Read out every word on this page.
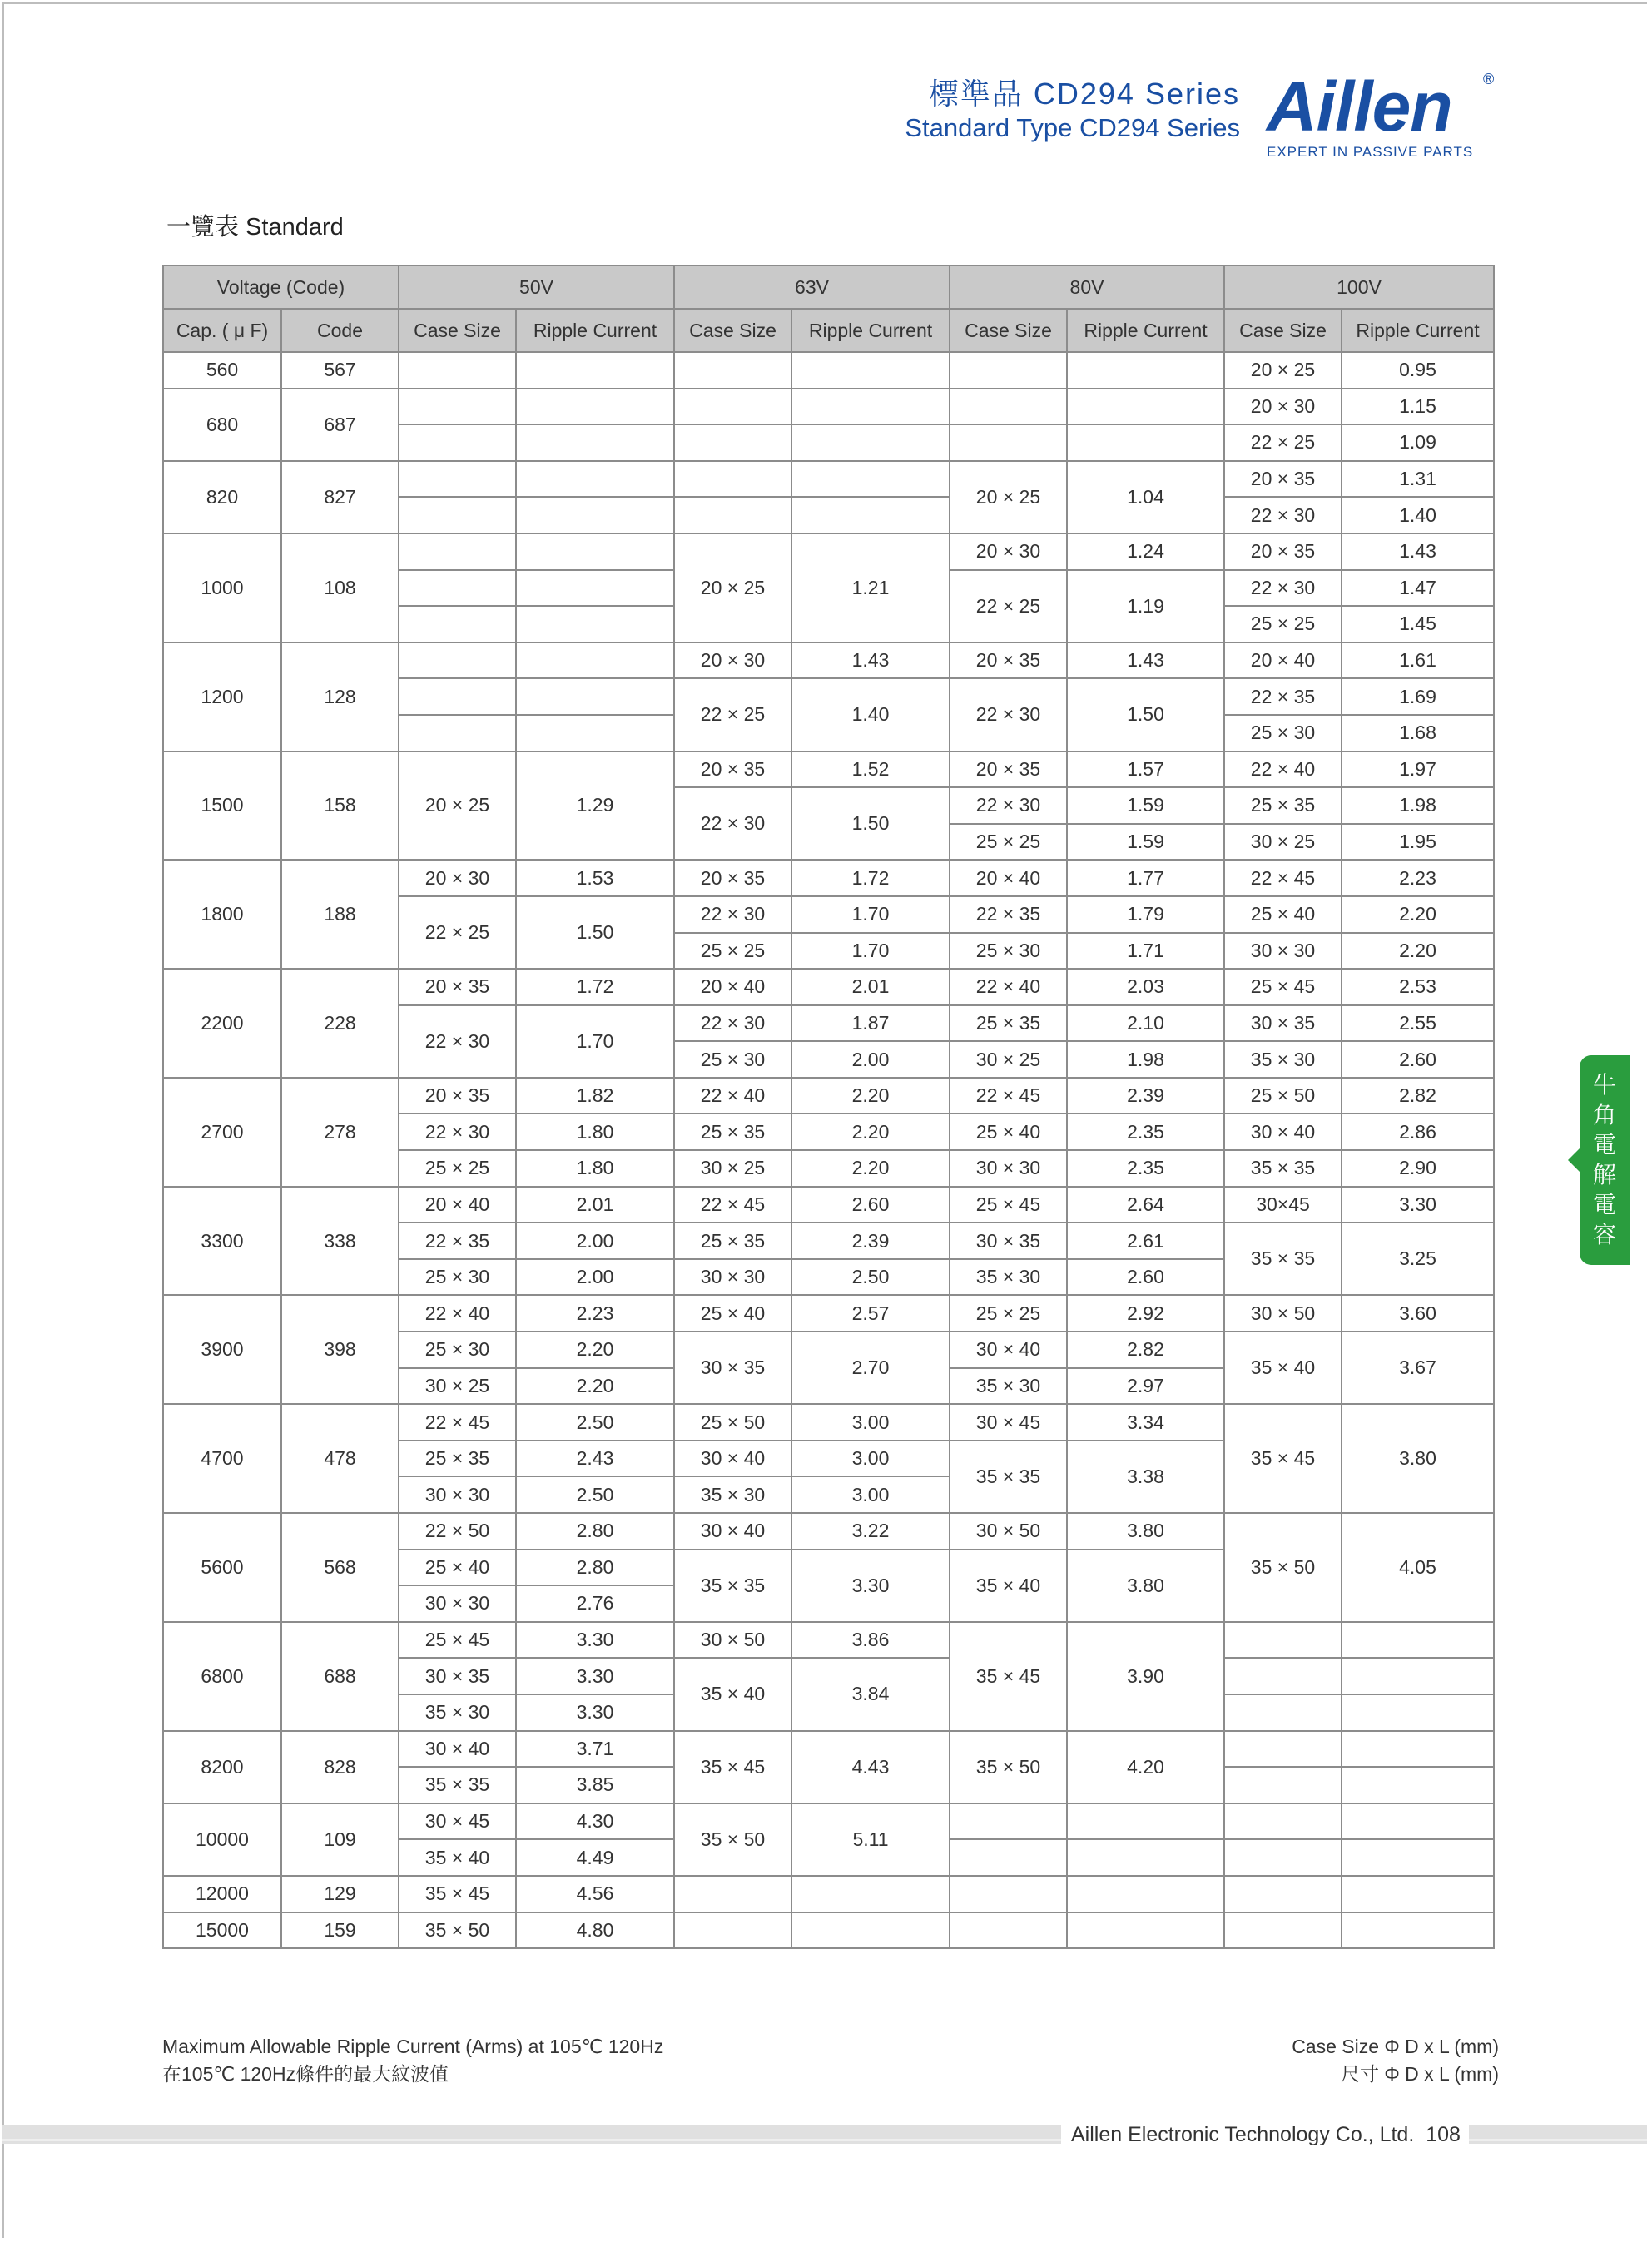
標準品 CD294 Series
Standard Type CD294 Series Aillen	®
EXPERT IN PASSIVE PARTS
一覽表 Standard
Voltage (Code)		50V		63V		80V		100V	
Cap. ( μ F)	Code	Case Size	Ripple Current	Case Size	Ripple Current	Case Size	Ripple Current	Case Size	Ripple Current
560	567							20 × 25	0.95
680	687							20 × 30	1.15
								22 × 25	1.09
820	827					20 × 25	1.04	20 × 35	1.31
								22 × 30	1.40
1000	108			20 × 25	1.21	20 × 30	1.24	20 × 35	1.43
						22 × 25	1.19	22 × 30	1.47
								25 × 25	1.45
1200	128			20 × 30	1.43	20 × 35	1.43	20 × 40	1.61
				22 × 25	1.40	22 × 30	1.50	22 × 35	1.69
								25 × 30	1.68
1500	158	20 × 25	1.29	20 × 35	1.52	20 × 35	1.57	22 × 40	1.97
				22 × 30	1.50	22 × 30	1.59	25 × 35	1.98
						25 × 25	1.59	30 × 25	1.95
1800	188	20 × 30	1.53	20 × 35	1.72	20 × 40	1.77	22 × 45	2.23
		22 × 25	1.50	22 × 30	1.70	22 × 35	1.79	25 × 40	2.20
				25 × 25	1.70	25 × 30	1.71	30 × 30	2.20
2200	228	20 × 35	1.72	20 × 40	2.01	22 × 40	2.03	25 × 45	2.53
		22 × 30	1.70	22 × 30	1.87	25 × 35	2.10	30 × 35	2.55
				25 × 30	2.00	30 × 25	1.98	35 × 30	2.60
2700	278	20 × 35	1.82	22 × 40	2.20	22 × 45	2.39	25 × 50	2.82
		22 × 30	1.80	25 × 35	2.20	25 × 40	2.35	30 × 40	2.86
		25 × 25	1.80	30 × 25	2.20	30 × 30	2.35	35 × 35	2.90
3300	338	20 × 40	2.01	22 × 45	2.60	25 × 45	2.64	30×45	3.30
		22 × 35	2.00	25 × 35	2.39	30 × 35	2.61	35 × 35	3.25
		25 × 30	2.00	30 × 30	2.50	35 × 30	2.60		
3900	398	22 × 40	2.23	25 × 40	2.57	25 × 25	2.92	30 × 50	3.60
		25 × 30	2.20	30 × 35	2.70	30 × 40	2.82	35 × 40	3.67
		30 × 25	2.20			35 × 30	2.97		
4700	478	22 × 45	2.50	25 × 50	3.00	30 × 45	3.34	35 × 45	3.80
		25 × 35	2.43	30 × 40	3.00	35 × 35	3.38		
		30 × 30	2.50	35 × 30	3.00				
5600	568	22 × 50	2.80	30 × 40	3.22	30 × 50	3.80	35 × 50	4.05
		25 × 40	2.80	35 × 35	3.30	35 × 40	3.80		
		30 × 30	2.76						
6800	688	25 × 45	3.30	30 × 50	3.86	35 × 45	3.90		
		30 × 35	3.30	35 × 40	3.84				
		35 × 30	3.30						
8200	828	30 × 40	3.71	35 × 45	4.43	35 × 50	4.20		
		35 × 35	3.85						
10000	109	30 × 45	4.30	35 × 50	5.11				
		35 × 40	4.49						
12000	129	35 × 45	4.56						
15000	159	35 × 50	4.80						
Maximum Allowable Ripple Current (Arms) at 105℃ 120Hz
在105℃ 120Hz條件的最大紋波值
Case Size Φ D x L (mm)
尺寸 Φ D x L (mm)
Aillen Electronic Technology Co., Ltd. 108
牛
角
電
解
電
容
